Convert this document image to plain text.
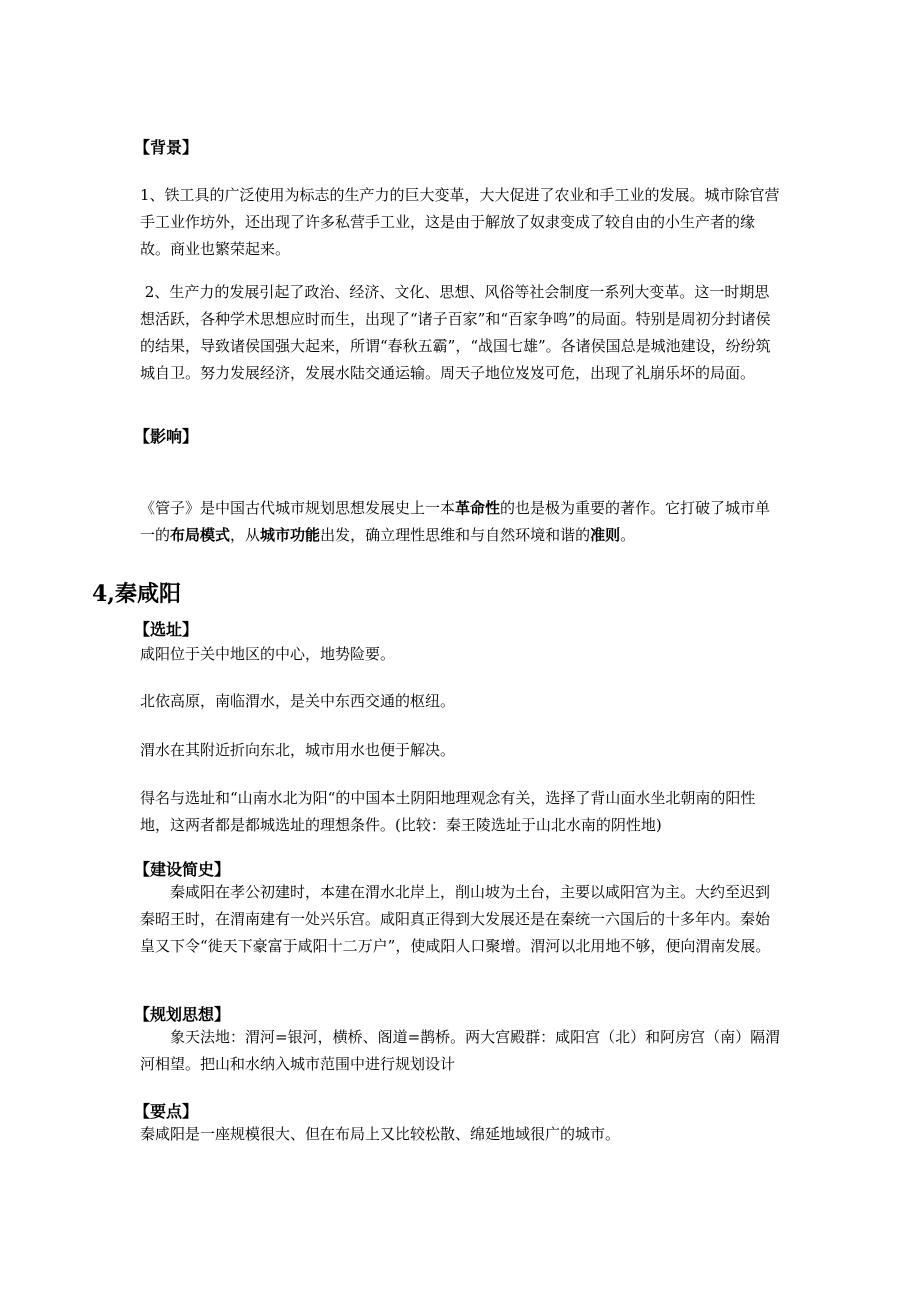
【背景】

1、铁工具的广泛使用为标志的生产力的巨大变革，大大促进了农业和手工业的发展。城市除官营手工业作坊外，还出现了许多私营手工业，这是由于解放了奴隶变成了较自由的小生产者的缘故。商业也繁荣起来。

2、生产力的发展引起了政治、经济、文化、思想、风俗等社会制度一系列大变革。这一时期思想活跃，各种学术思想应时而生，出现了“诸子百家”和“百家争鸣”的局面。特别是周初分封诸侯的结果，导致诸侯国强大起来，所谓“春秋五霸”，“战国七雄”。各诸侯国总是城池建设，纷纷筑城自卫。努力发展经济，发展水陆交通运输。周天子地位岌岌可危，出现了礼崩乐坏的局面。

【影响】

《管子》是中国古代城市规划思想发展史上一本革命性的也是极为重要的著作。它打破了城市单一的布局模式，从城市功能出发，确立理性思维和与自然环境和谐的准则。

4,秦咸阳
【选址】

咸阳位于关中地区的中心，地势险要。

北依高原，南临渭水，是关中东西交通的枢纽。

渭水在其附近折向东北，城市用水也便于解决。

得名与选址和“山南水北为阳“的中国本土阴阳地理观念有关，选择了背山面水坐北朝南的阳性地，这两者都是都城选址的理想条件。(比较：秦王陵选址于山北水南的阴性地)

【建设简史】

秦咸阳在孝公初建时，本建在渭水北岸上，削山坡为土台，主要以咸阳宫为主。大约至迟到秦昭王时，在渭南建有一处兴乐宫。咸阳真正得到大发展还是在秦统一六国后的十多年内。秦始皇又下令“徙天下豪富于咸阳十二万户”，使咸阳人口聚增。渭河以北用地不够，便向渭南发展。

【规划思想】

象天法地：渭河=银河，横桥、阁道=鹊桥。两大宫殿群：咸阳宫（北）和阿房宫（南）隔渭河相望。把山和水纳入城市范围中进行规划设计

【要点】

秦咸阳是一座规模很大、但在布局上又比较松散、绵延地域很广的城市。
